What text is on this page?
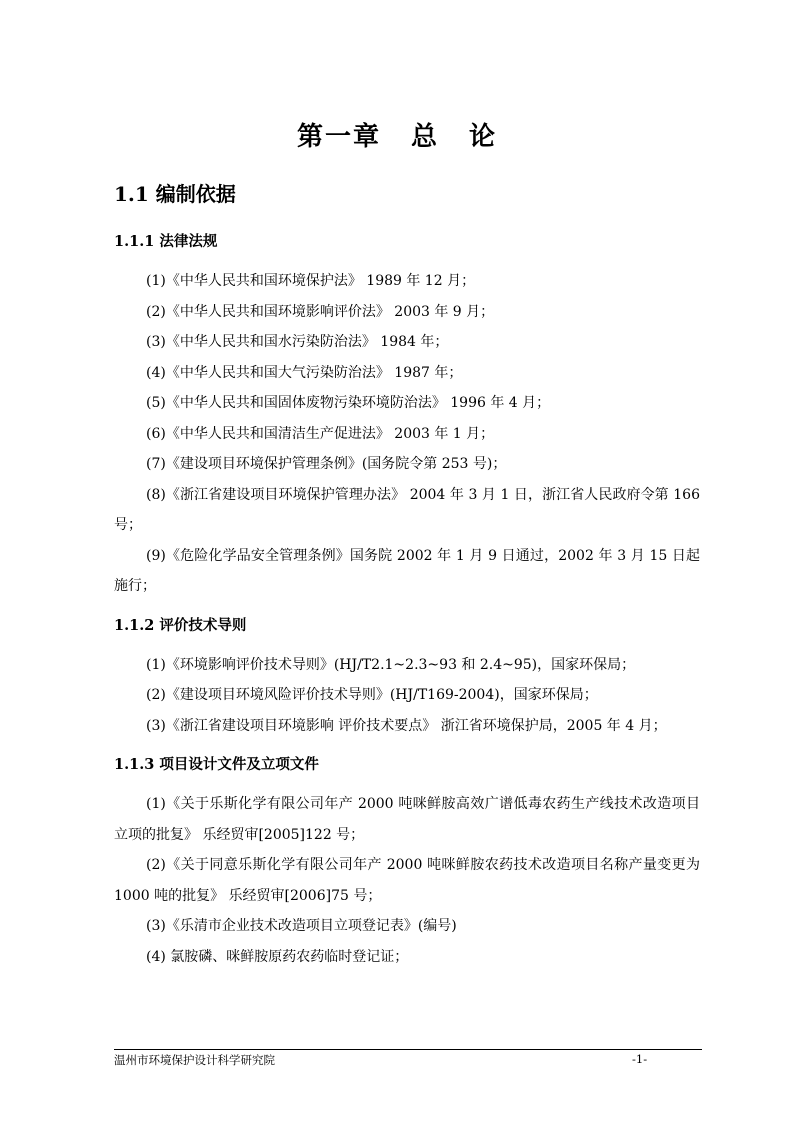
第一章 总 论
1.1 编制依据
1.1.1 法律法规

(1)《中华人民共和国环境保护法》 1989 年 12 月；

(2)《中华人民共和国环境影响评价法》 2003 年 9 月；

(3)《中华人民共和国水污染防治法》 1984 年；

(4)《中华人民共和国大气污染防治法》 1987 年；

(5)《中华人民共和国固体废物污染环境防治法》 1996 年 4 月；

(6)《中华人民共和国清洁生产促进法》 2003 年 1 月；

(7)《建设项目环境保护管理条例》(国务院令第 253 号)；

(8)《浙江省建设项目环境保护管理办法》 2004 年 3 月 1 日，浙江省人民政府令第 166 号；

(9)《危险化学品安全管理条例》国务院 2002 年 1 月 9 日通过，2002 年 3 月 15 日起施行；

1.1.2 评价技术导则

(1)《环境影响评价技术导则》(HJ/T2.1~2.3~93 和 2.4~95)，国家环保局；

(2)《建设项目环境风险评价技术导则》(HJ/T169-2004)，国家环保局；

(3)《浙江省建设项目环境影响 评价技术要点》 浙江省环境保护局，2005 年 4 月；

1.1.3 项目设计文件及立项文件

(1)《关于乐斯化学有限公司年产 2000 吨咪鲜胺高效广谱低毒农药生产线技术改造项目立项的批复》 乐经贸审[2005]122 号；

(2)《关于同意乐斯化学有限公司年产 2000 吨咪鲜胺农药技术改造项目名称产量变更为 1000 吨的批复》 乐经贸审[2006]75 号；

(3)《乐清市企业技术改造项目立项登记表》(编号)

(4) 氯胺磷、咪鲜胺原药农药临时登记证；

温州市环境保护设计科学研究院	-1-
